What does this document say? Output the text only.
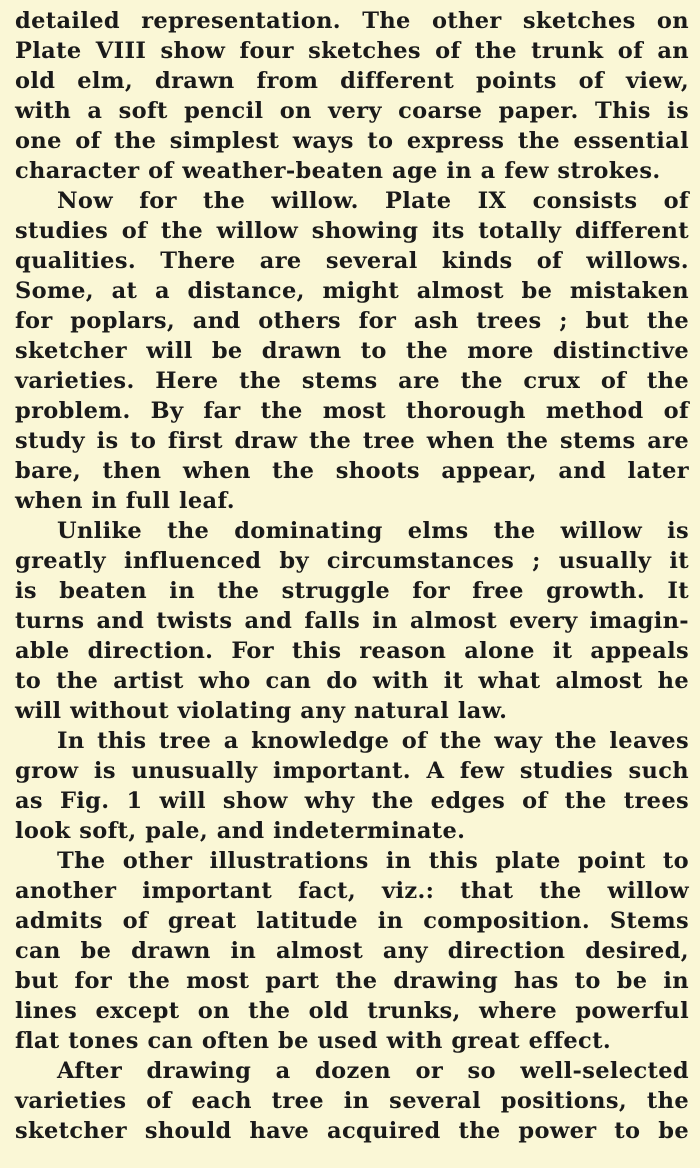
detailed representation. The other sketches on
Plate VIII show four sketches of the trunk of an
old elm, drawn from different points of view,
with a soft pencil on very coarse paper. This is
one of the simplest ways to express the essential
character of weather-beaten age in a few strokes.
Now for the willow. Plate IX consists of
studies of the willow showing its totally different
qualities. There are several kinds of willows.
Some, at a distance, might almost be mistaken
for poplars, and others for ash trees ; but the
sketcher will be drawn to the more distinctive
varieties. Here the stems are the crux of the
problem. By far the most thorough method of
study is to first draw the tree when the stems are
bare, then when the shoots appear, and later
when in full leaf.
Unlike the dominating elms the willow is
greatly influenced by circumstances ; usually it
is beaten in the struggle for free growth. It
turns and twists and falls in almost every imagin-
able direction. For this reason alone it appeals
to the artist who can do with it what almost he
will without violating any natural law.
In this tree a knowledge of the way the leaves
grow is unusually important. A few studies such
as Fig. 1 will show why the edges of the trees
look soft, pale, and indeterminate.
The other illustrations in this plate point to
another important fact, viz.: that the willow
admits of great latitude in composition. Stems
can be drawn in almost any direction desired,
but for the most part the drawing has to be in
lines except on the old trunks, where powerful
flat tones can often be used with great effect.
After drawing a dozen or so well-selected
varieties of each tree in several positions, the
sketcher should have acquired the power to be
